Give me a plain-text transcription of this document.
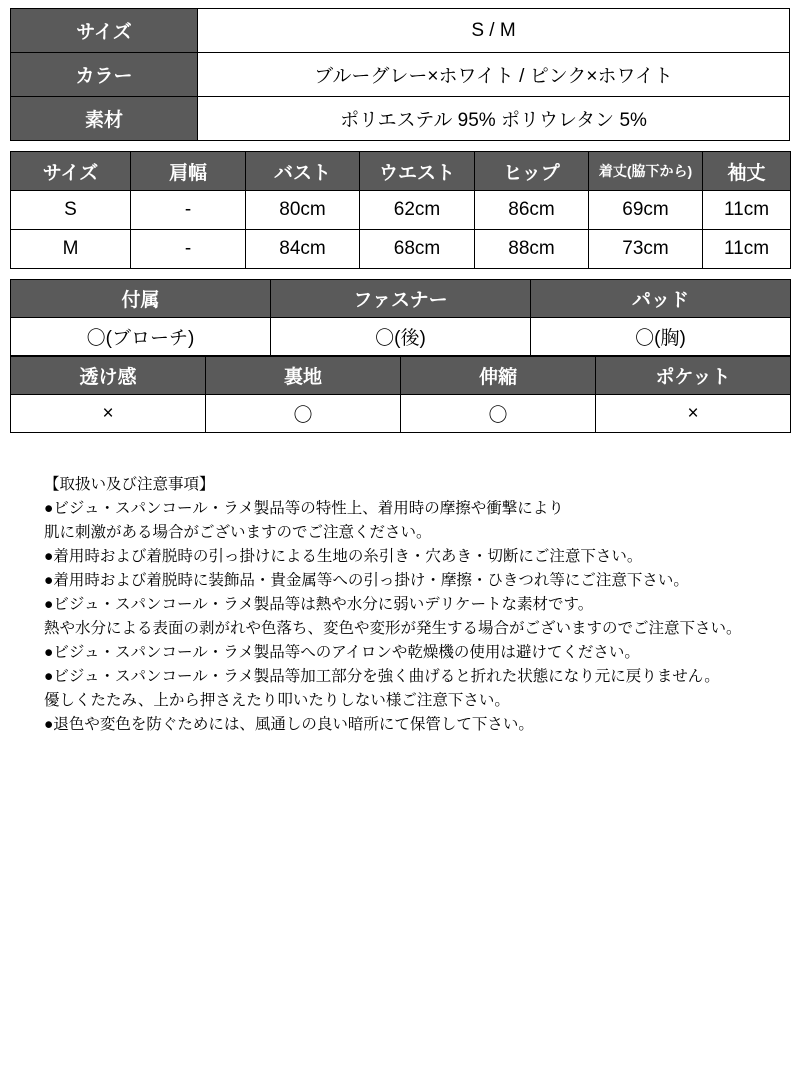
サイズ	S / M
カラー	ブルーグレー×ホワイト / ピンク×ホワイト
素材	ポリエステル 95% ポリウレタン 5%
サイズ	肩幅	バスト	ウエスト	ヒップ	着丈(脇下から)	袖丈
S	-	80cm	62cm	86cm	69cm	11cm
M	-	84cm	68cm	88cm	73cm	11cm
付属	ファスナー	パッド
〇(ブローチ)	〇(後)	〇(胸)
透け感	裏地	伸縮	ポケット
×	〇	〇	×
【取扱い及び注意事項】
●ビジュ・スパンコール・ラメ製品等の特性上、着用時の摩擦や衝撃により
肌に刺激がある場合がございますのでご注意ください。
●着用時および着脱時の引っ掛けによる生地の糸引き・穴あき・切断にご注意下さい。
●着用時および着脱時に装飾品・貴金属等への引っ掛け・摩擦・ひきつれ等にご注意下さい。
●ビジュ・スパンコール・ラメ製品等は熱や水分に弱いデリケートな素材です。
熱や水分による表面の剥がれや色落ち、変色や変形が発生する場合がございますのでご注意下さい。
●ビジュ・スパンコール・ラメ製品等へのアイロンや乾燥機の使用は避けてください。
●ビジュ・スパンコール・ラメ製品等加工部分を強く曲げると折れた状態になり元に戻りません。
優しくたたみ、上から押さえたり叩いたりしない様ご注意下さい。
●退色や変色を防ぐためには、風通しの良い暗所にて保管して下さい。
